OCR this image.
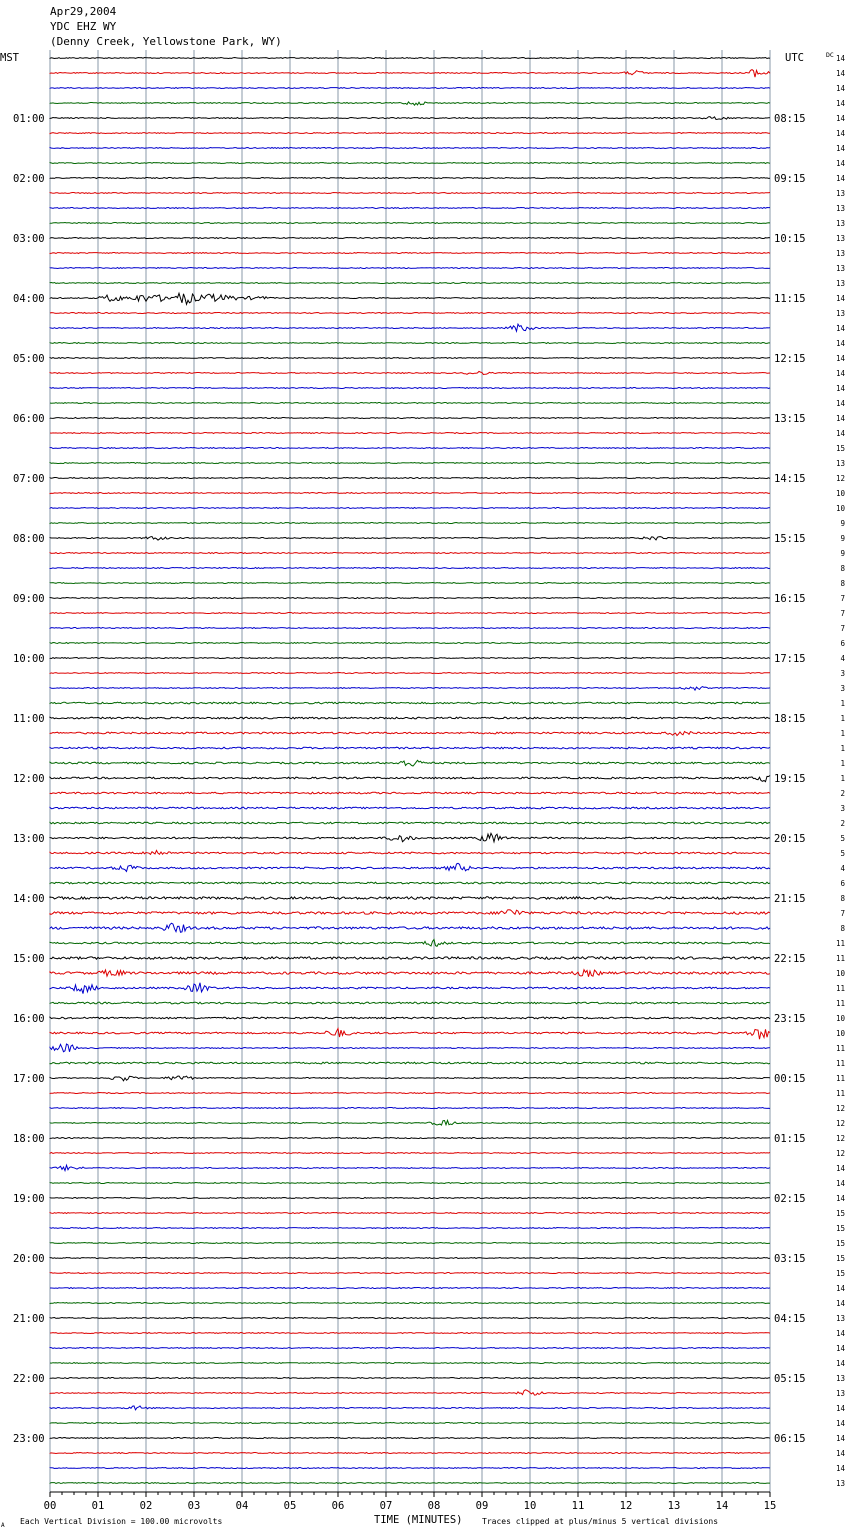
Apr29,2004
YDC EHZ WY
(Denny Creek, Yellowstone Park, WY)
01:00
02:00
03:00
04:00
05:00
06:00
07:00
08:00
09:00
10:00
11:00
12:00
13:00
14:00
15:00
16:00
17:00
18:00
19:00
20:00
21:00
22:00
23:00
08:15
09:15
10:15
11:15
12:15
13:15
14:15
15:15
16:15
17:15
18:15
19:15
20:15
21:15
22:15
23:15
00:15
01:15
02:15
03:15
04:15
05:15
06:15
14
14
14
14
14
14
14
14
14
13
13
13
13
13
13
13
14
13
14
14
14
14
14
14
14
14
15
13
12
10
10
9
9
9
8
8
7
7
7
6
4
3
3
1
1
1
1
1
1
2
3
2
5
5
4
6
8
7
8
11
11
10
11
11
10
10
11
11
11
11
12
12
12
12
14
14
14
15
15
15
15
15
14
14
13
14
14
14
13
13
14
14
14
14
14
13
00	01	02	03	04	05	06	07	08	09	10	11	12	13	14	15
MST	UTC	DC
A Each Vertical Division = 100.00 microvolts	TIME (MINUTES) Traces clipped at plus/minus 5 vertical divisions
